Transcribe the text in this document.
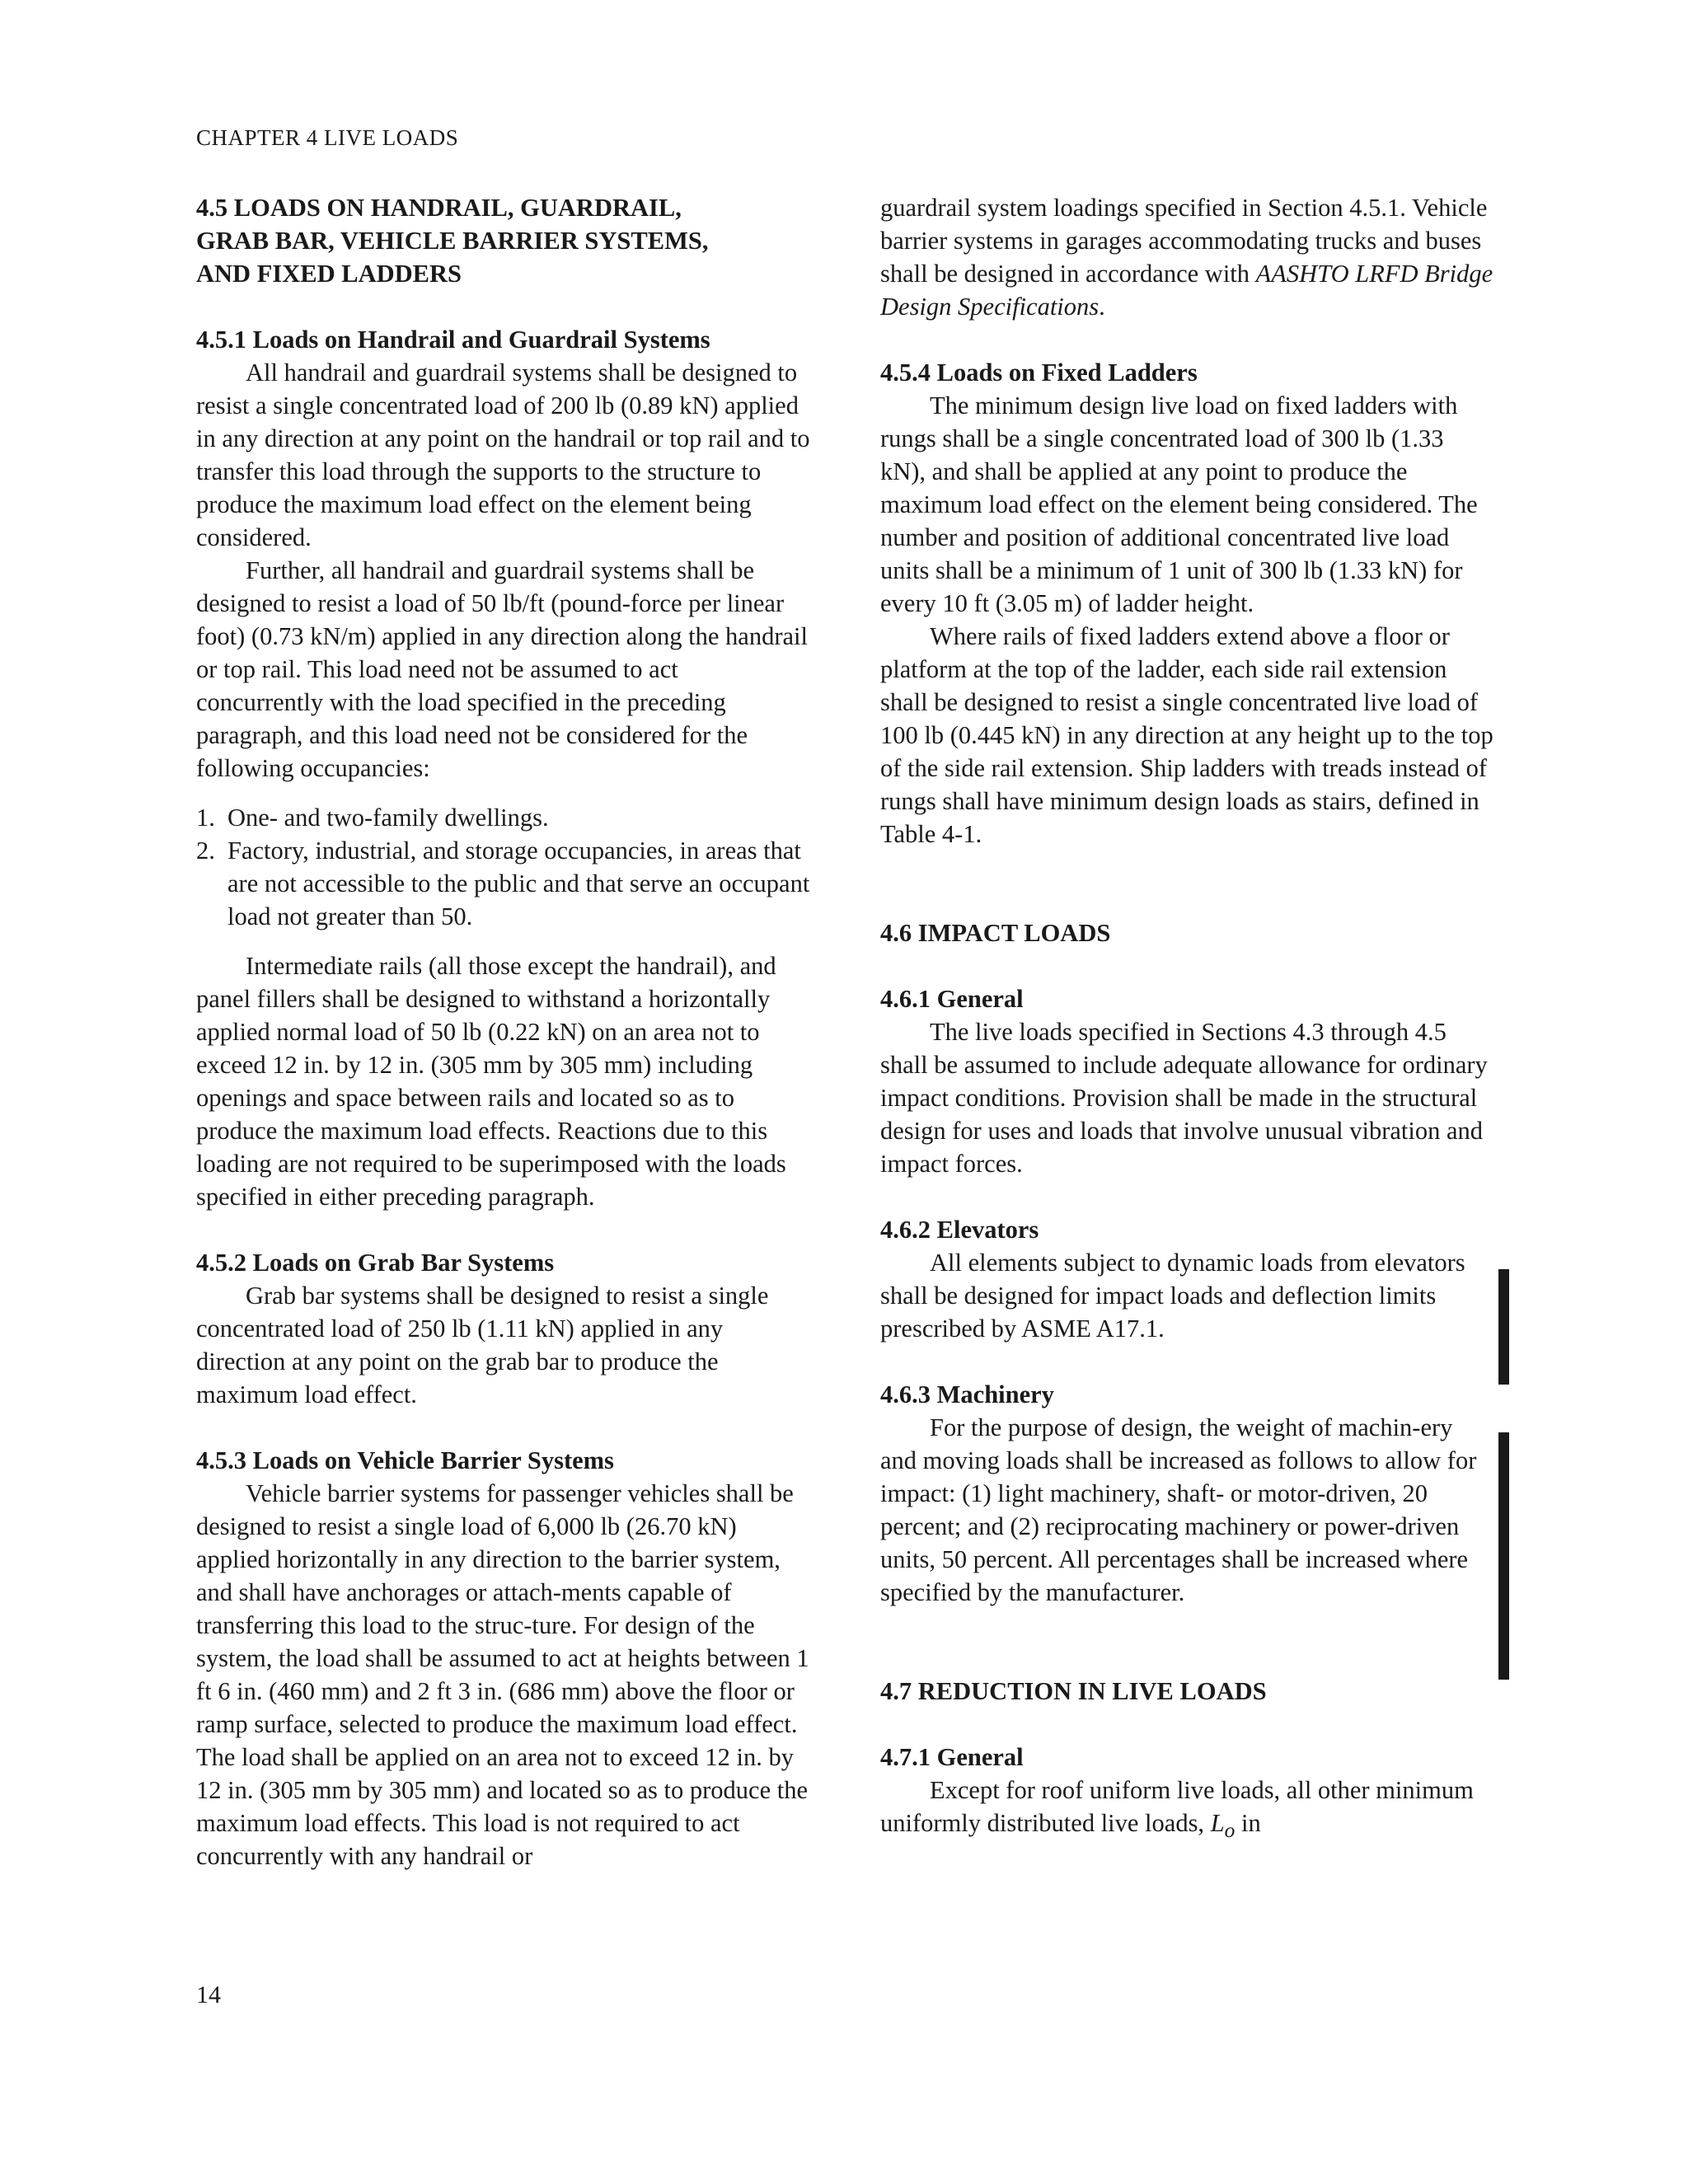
CHAPTER 4 LIVE LOADS
4.5 LOADS ON HANDRAIL, GUARDRAIL,
GRAB BAR, VEHICLE BARRIER SYSTEMS,
AND FIXED LADDERS
4.5.1 Loads on Handrail and Guardrail Systems

All handrail and guardrail systems shall be designed to resist a single concentrated load of 200 lb (0.89 kN) applied in any direction at any point on the handrail or top rail and to transfer this load through the supports to the structure to produce the maximum load effect on the element being considered.

Further, all handrail and guardrail systems shall be designed to resist a load of 50 lb/ft (pound-force per linear foot) (0.73 kN/m) applied in any direction along the handrail or top rail. This load need not be assumed to act concurrently with the load specified in the preceding paragraph, and this load need not be considered for the following occupancies:

1. One- and two-family dwellings.
2. Factory, industrial, and storage occupancies, in areas that are not accessible to the public and that serve an occupant load not greater than 50.

Intermediate rails (all those except the handrail), and panel fillers shall be designed to withstand a horizontally applied normal load of 50 lb (0.22 kN) on an area not to exceed 12 in. by 12 in. (305 mm by 305 mm) including openings and space between rails and located so as to produce the maximum load effects. Reactions due to this loading are not required to be superimposed with the loads specified in either preceding paragraph.

4.5.2 Loads on Grab Bar Systems

Grab bar systems shall be designed to resist a single concentrated load of 250 lb (1.11 kN) applied in any direction at any point on the grab bar to produce the maximum load effect.

4.5.3 Loads on Vehicle Barrier Systems

Vehicle barrier systems for passenger vehicles shall be designed to resist a single load of 6,000 lb (26.70 kN) applied horizontally in any direction to the barrier system, and shall have anchorages or attach-ments capable of transferring this load to the struc-ture. For design of the system, the load shall be assumed to act at heights between 1 ft 6 in. (460 mm) and 2 ft 3 in. (686 mm) above the floor or ramp surface, selected to produce the maximum load effect. The load shall be applied on an area not to exceed 12 in. by 12 in. (305 mm by 305 mm) and located so as to produce the maximum load effects. This load is not required to act concurrently with any handrail or

guardrail system loadings specified in Section 4.5.1. Vehicle barrier systems in garages accommodating trucks and buses shall be designed in accordance with AASHTO LRFD Bridge Design Specifications.

4.5.4 Loads on Fixed Ladders

The minimum design live load on fixed ladders with rungs shall be a single concentrated load of 300 lb (1.33 kN), and shall be applied at any point to produce the maximum load effect on the element being considered. The number and position of additional concentrated live load units shall be a minimum of 1 unit of 300 lb (1.33 kN) for every 10 ft (3.05 m) of ladder height.

Where rails of fixed ladders extend above a floor or platform at the top of the ladder, each side rail extension shall be designed to resist a single concentrated live load of 100 lb (0.445 kN) in any direction at any height up to the top of the side rail extension. Ship ladders with treads instead of rungs shall have minimum design loads as stairs, defined in Table 4-1.

4.6 IMPACT LOADS
4.6.1 General

The live loads specified in Sections 4.3 through 4.5 shall be assumed to include adequate allowance for ordinary impact conditions. Provision shall be made in the structural design for uses and loads that involve unusual vibration and impact forces.

4.6.2 Elevators

All elements subject to dynamic loads from elevators shall be designed for impact loads and deflection limits prescribed by ASME A17.1.

4.6.3 Machinery

For the purpose of design, the weight of machin-ery and moving loads shall be increased as follows to allow for impact: (1) light machinery, shaft- or motor-driven, 20 percent; and (2) reciprocating machinery or power-driven units, 50 percent. All percentages shall be increased where specified by the manufacturer.

4.7 REDUCTION IN LIVE LOADS
4.7.1 General

Except for roof uniform live loads, all other minimum uniformly distributed live loads, $L_o$ in

14
